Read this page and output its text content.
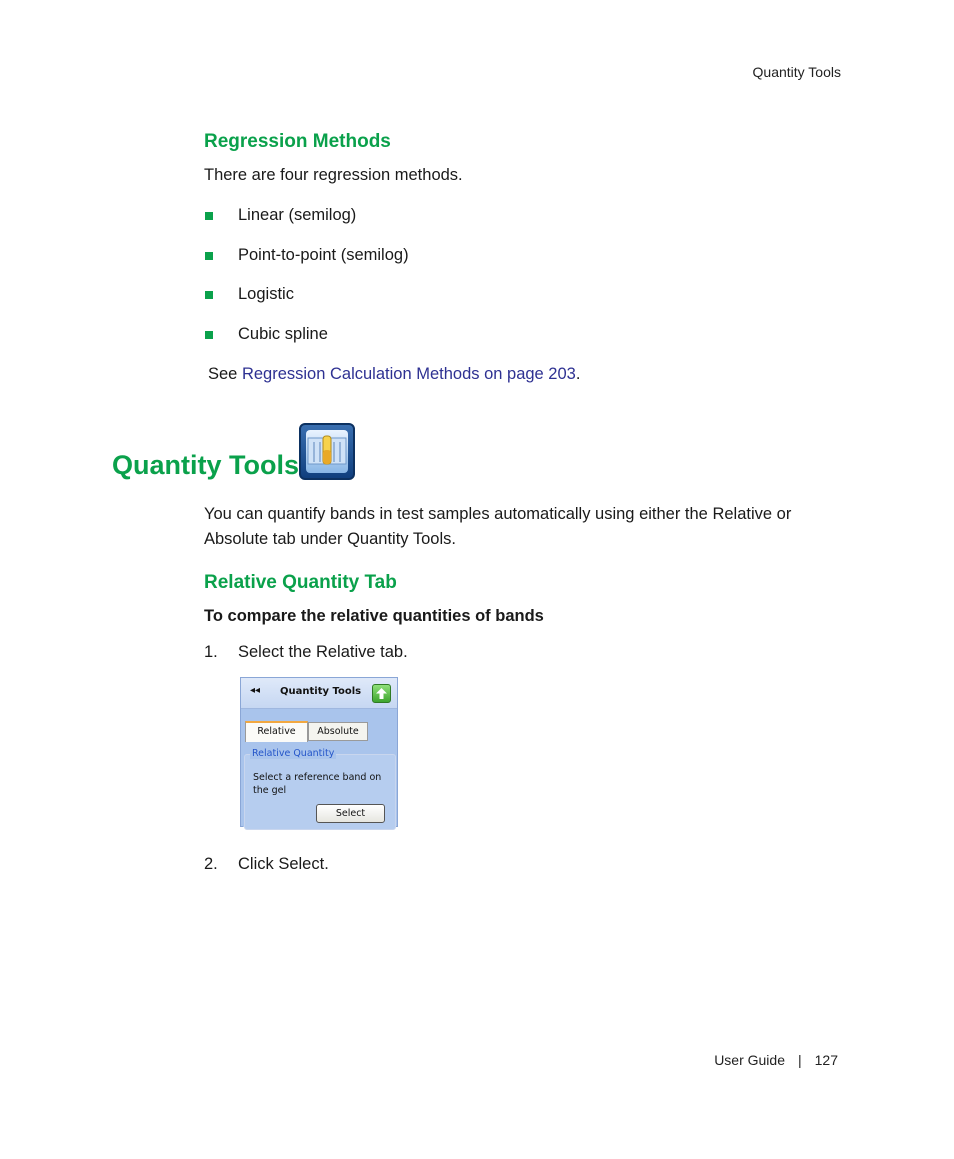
Quantity Tools
Regression Methods
There are four regression methods.
Linear (semilog)
Point-to-point (semilog)
Logistic
Cubic spline
See Regression Calculation Methods on page 203.
Quantity Tools
You can quantify bands in test samples automatically using either the Relative or
Absolute tab under Quantity Tools.
Relative Quantity Tab
To compare the relative quantities of bands
1. Select the Relative tab.
◂◂ Quantity Tools
Relative	Absolute
Relative Quantity
Select a reference band on
the gel
Select
2. Click Select.
User Guide | 127
